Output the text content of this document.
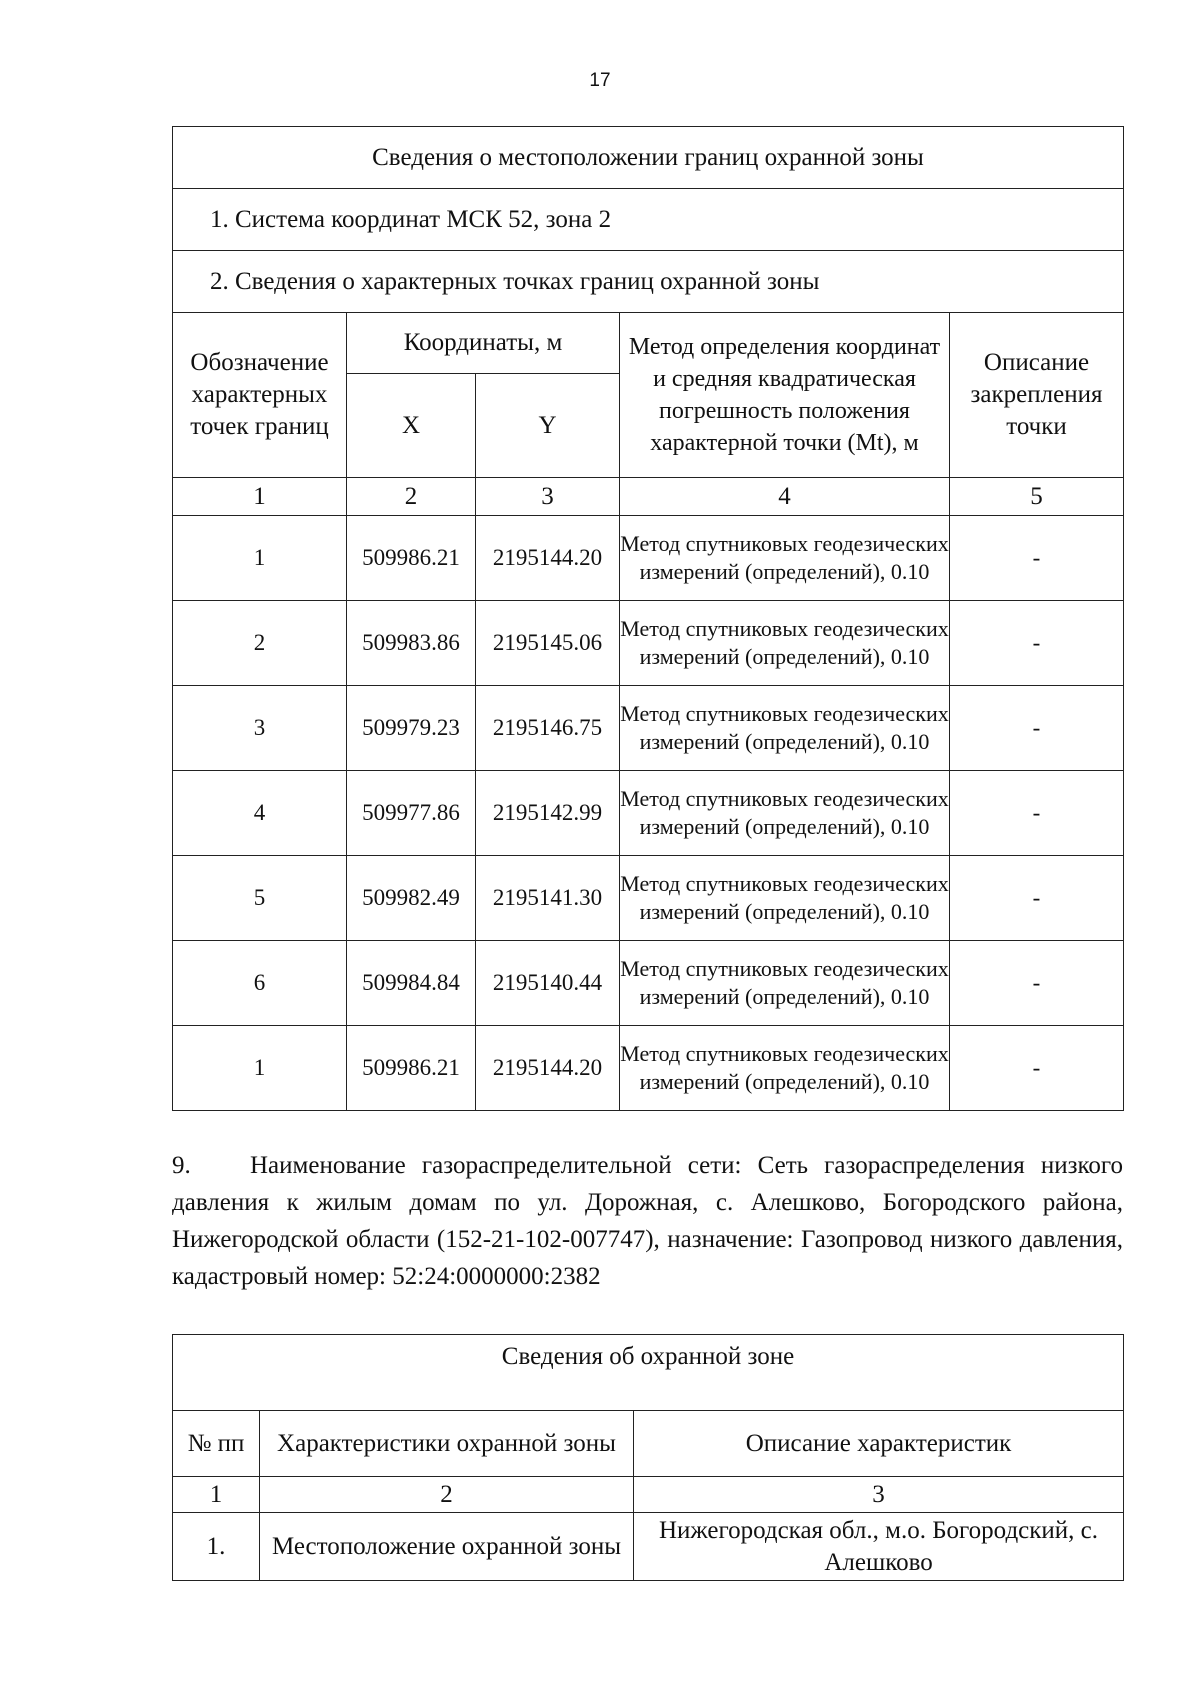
17
Сведения о местоположении границ охранной зоны				
1. Система координат МСК 52, зона 2				
2. Сведения о характерных точках границ охранной зоны				
Обозначение характерных точек границ	Координаты, м		Метод определения координат и средняя квадратическая погрешность положения характерной точки (Mt), м	Описание закрепления точки
	X	Y		
1	2	3	4	5
1	509986.21	2195144.20	Метод спутниковых геодезических измерений (определений), 0.10	-
2	509983.86	2195145.06	Метод спутниковых геодезических измерений (определений), 0.10	-
3	509979.23	2195146.75	Метод спутниковых геодезических измерений (определений), 0.10	-
4	509977.86	2195142.99	Метод спутниковых геодезических измерений (определений), 0.10	-
5	509982.49	2195141.30	Метод спутниковых геодезических измерений (определений), 0.10	-
6	509984.84	2195140.44	Метод спутниковых геодезических измерений (определений), 0.10	-
1	509986.21	2195144.20	Метод спутниковых геодезических измерений (определений), 0.10	-

9. Наименование газораспределительной сети: Сеть газораспределения низкого давления к жилым домам по ул. Дорожная, с. Алешково, Богородского района, Нижегородской области (152-21-102-007747), назначение: Газопровод низкого давления, кадастровый номер: 52:24:0000000:2382

Сведения об охранной зоне		
№ пп	Характеристики охранной зоны	Описание характеристик
1	2	3
1.	Местоположение охранной зоны	Нижегородская обл., м.о. Богородский, с. Алешково
